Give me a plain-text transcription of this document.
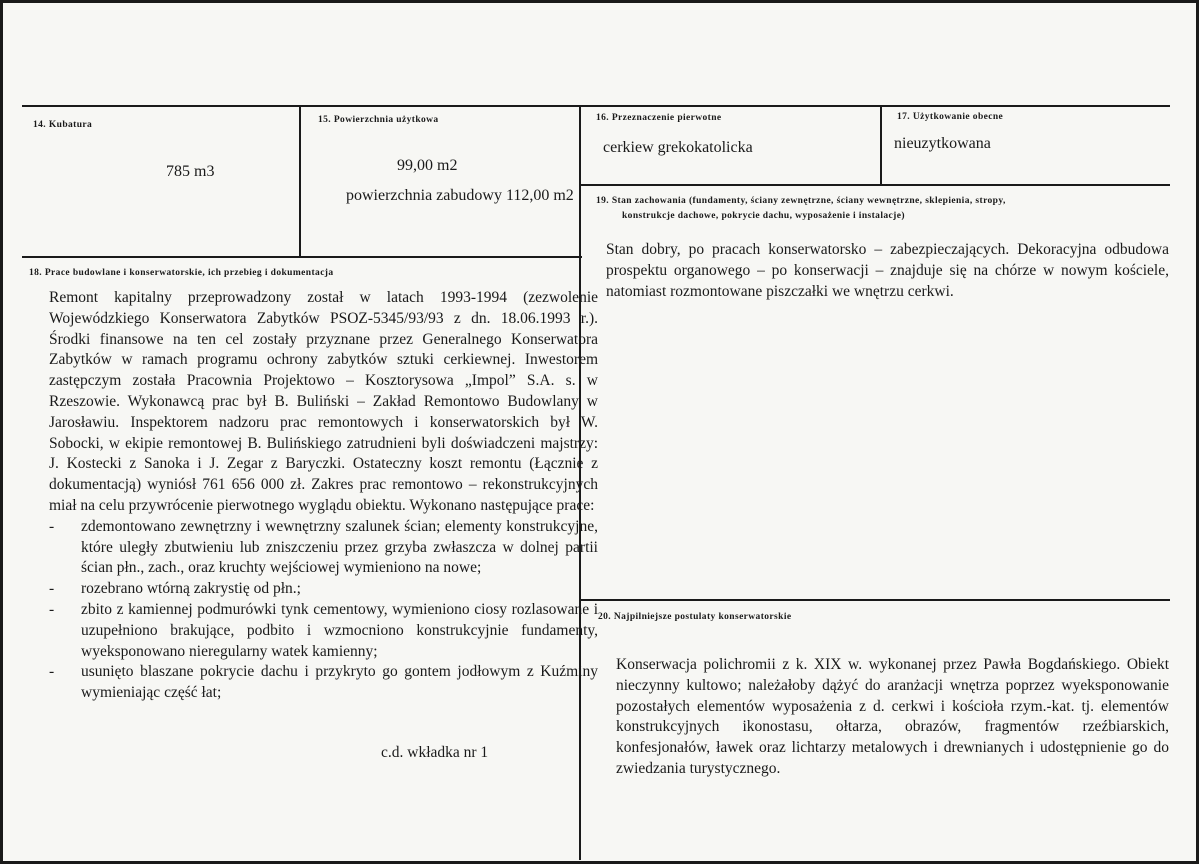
14. Kubatura
785 m3
15. Powierzchnia użytkowa
99,00 m2
powierzchnia zabudowy 112,00 m2
16. Przeznaczenie pierwotne
cerkiew grekokatolicka
17. Użytkowanie obecne
nieuzytkowana
19. Stan zachowania (fundamenty, ściany zewnętrzne, ściany wewnętrzne, sklepienia, stropy,
konstrukcje dachowe, pokrycie dachu, wyposażenie i instalacje)

Stan dobry, po pracach konserwatorsko – zabezpieczających. Dekoracyjna odbudowa prospektu organowego – po konserwacji – znajduje się na chórze w nowym kościele, natomiast rozmontowane piszczałki we wnętrzu cerkwi.

18. Prace budowlane i konserwatorskie, ich przebieg i dokumentacja

Remont kapitalny przeprowadzony został w latach 1993-1994 (zezwolenie Wojewódzkiego Konserwatora Zabytków PSOZ-5345/93/93 z dn. 18.06.1993 r.). Środki finansowe na ten cel zostały przyznane przez Generalnego Konserwatora Zabytków w ramach programu ochrony zabytków sztuki cerkiewnej. Inwestorem zastępczym została Pracownia Projektowo – Kosztorysowa „Impol” S.A. s. w Rzeszowie. Wykonawcą prac był B. Buliński – Zakład Remontowo Budowlany w Jarosławiu. Inspektorem nadzoru prac remontowych i konserwatorskich był W. Sobocki, w ekipie remontowej B. Bulińskiego zatrudnieni byli doświadczeni majstrzy: J. Kostecki z Sanoka i J. Zegar z Baryczki. Ostateczny koszt remontu (Łącznie z dokumentacją) wyniósł 761 656 000 zł. Zakres prac remontowo – rekonstrukcyjnych miał na celu przywrócenie pierwotnego wyglądu obiektu. Wykonano następujące prace:

- zdemontowano zewnętrzny i wewnętrzny szalunek ścian; elementy konstrukcyjne, które uległy zbutwieniu lub zniszczeniu przez grzyba zwłaszcza w dolnej partii ścian płn., zach., oraz kruchty wejściowej wymieniono na nowe;
- rozebrano wtórną zakrystię od płn.;
- zbito z kamiennej podmurówki tynk cementowy, wymieniono ciosy rozlasowane i uzupełniono brakujące, podbito i wzmocniono konstrukcyjnie fundamenty, wyeksponowano nieregularny watek kamienny;
- usunięto blaszane pokrycie dachu i przykryto go gontem jodłowym z Kuźminy wymieniając część łat;
c.d. wkładka nr 1
20. Najpilniejsze postulaty konserwatorskie

Konserwacja polichromii z k. XIX w. wykonanej przez Pawła Bogdańskiego. Obiekt nieczynny kultowo; należałoby dążyć do aranżacji wnętrza poprzez wyeksponowanie pozostałych elementów wyposażenia z d. cerkwi i kościoła rzym.-kat. tj. elementów konstrukcyjnych ikonostasu, ołtarza, obrazów, fragmentów rzeźbiarskich, konfesjonałów, ławek oraz lichtarzy metalowych i drewnianych i udostępnienie go do zwiedzania turystycznego.
